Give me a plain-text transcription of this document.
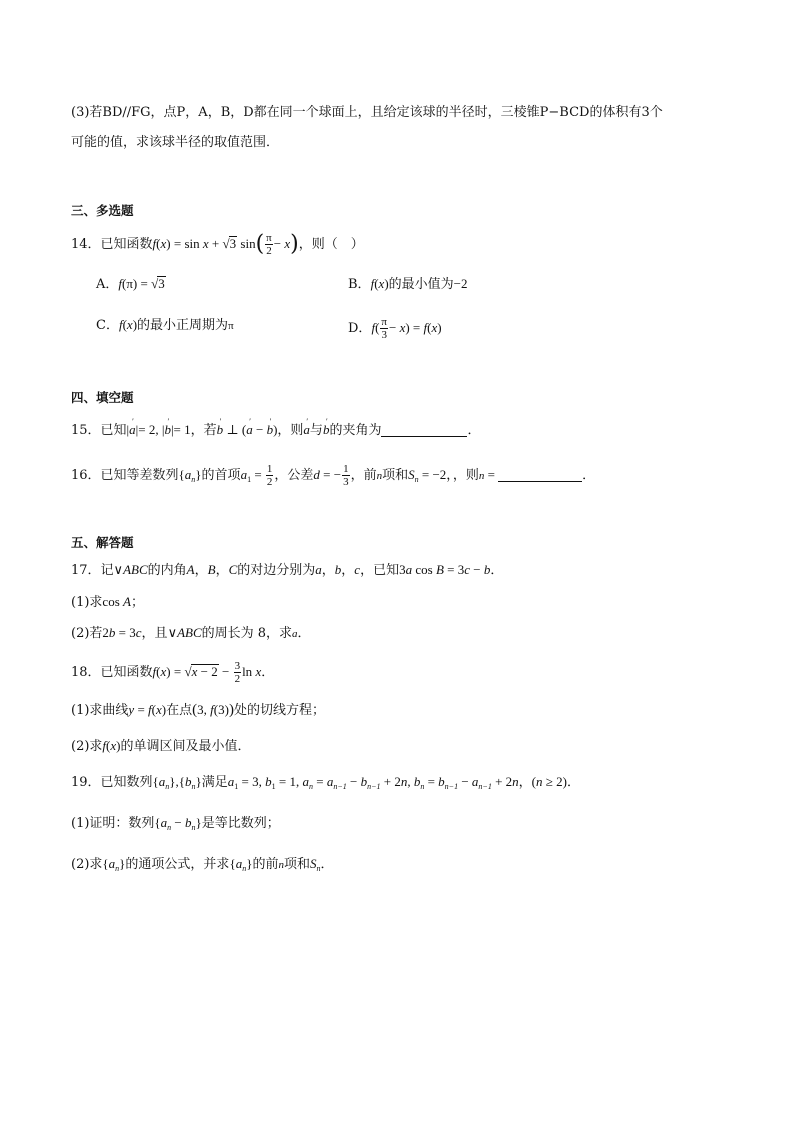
(3)若BD//FG，点P，A，B，D都在同一个球面上，且给定该球的半径时，三棱锥P−BCD的体积有3个
可能的值，求该球半径的取值范围．
三、多选题
14．已知函数f(x) = sin x + √3 $\sin( \frac{\pi}{2} - x)$，则（　）
A．f(π) = √3	B．f(x)的最小值为−2
C．f(x)的最小正周期为π	D．$f( \frac{\pi}{3} - x) = f(x)$
四、填空题
15．已知|′ a|= 2, |′ b|= 1，若′ b ⊥ (′ a − ′ b)，则′ a与′ b的夹角为	．
16．已知等差数列$\{a_n\}$的首项$a_1 = \frac{1}{2}$ ，公差d = − $\frac{1}{3}$ ，前n项和$S_n = -2$，，则n =	．
五、解答题
17．记∨ABC的内角A，B，C的对边分别为a，b，c，已知3a cos B = 3c − b．
(1)求cos A；
(2)若2b = 3c，且∨ABC的周长为 8，求a．
18．已知函数$f(x) = √x - 2 - \frac{3}{2}$ ln x．
(1)求曲线y = f(x)在点(3, f(3))处的切线方程；
(2)求f(x)的单调区间及最小值．
19．已知数列$\{a_n\},\{b_n\}$满足$a_1 = 3$, $b_1 = 1$, $a_n = a_{n-1} - b_{n-1} + 2n$, $b_n = b_{n-1} - a_{n-1} + 2n$，(n ≥ 2)．
(1)证明：数列$\{a_n - b_n\}$是等比数列；
(2)求$\{a_n\}$的通项公式，并求$\{a_n\}$的前n项和$S_n$．
